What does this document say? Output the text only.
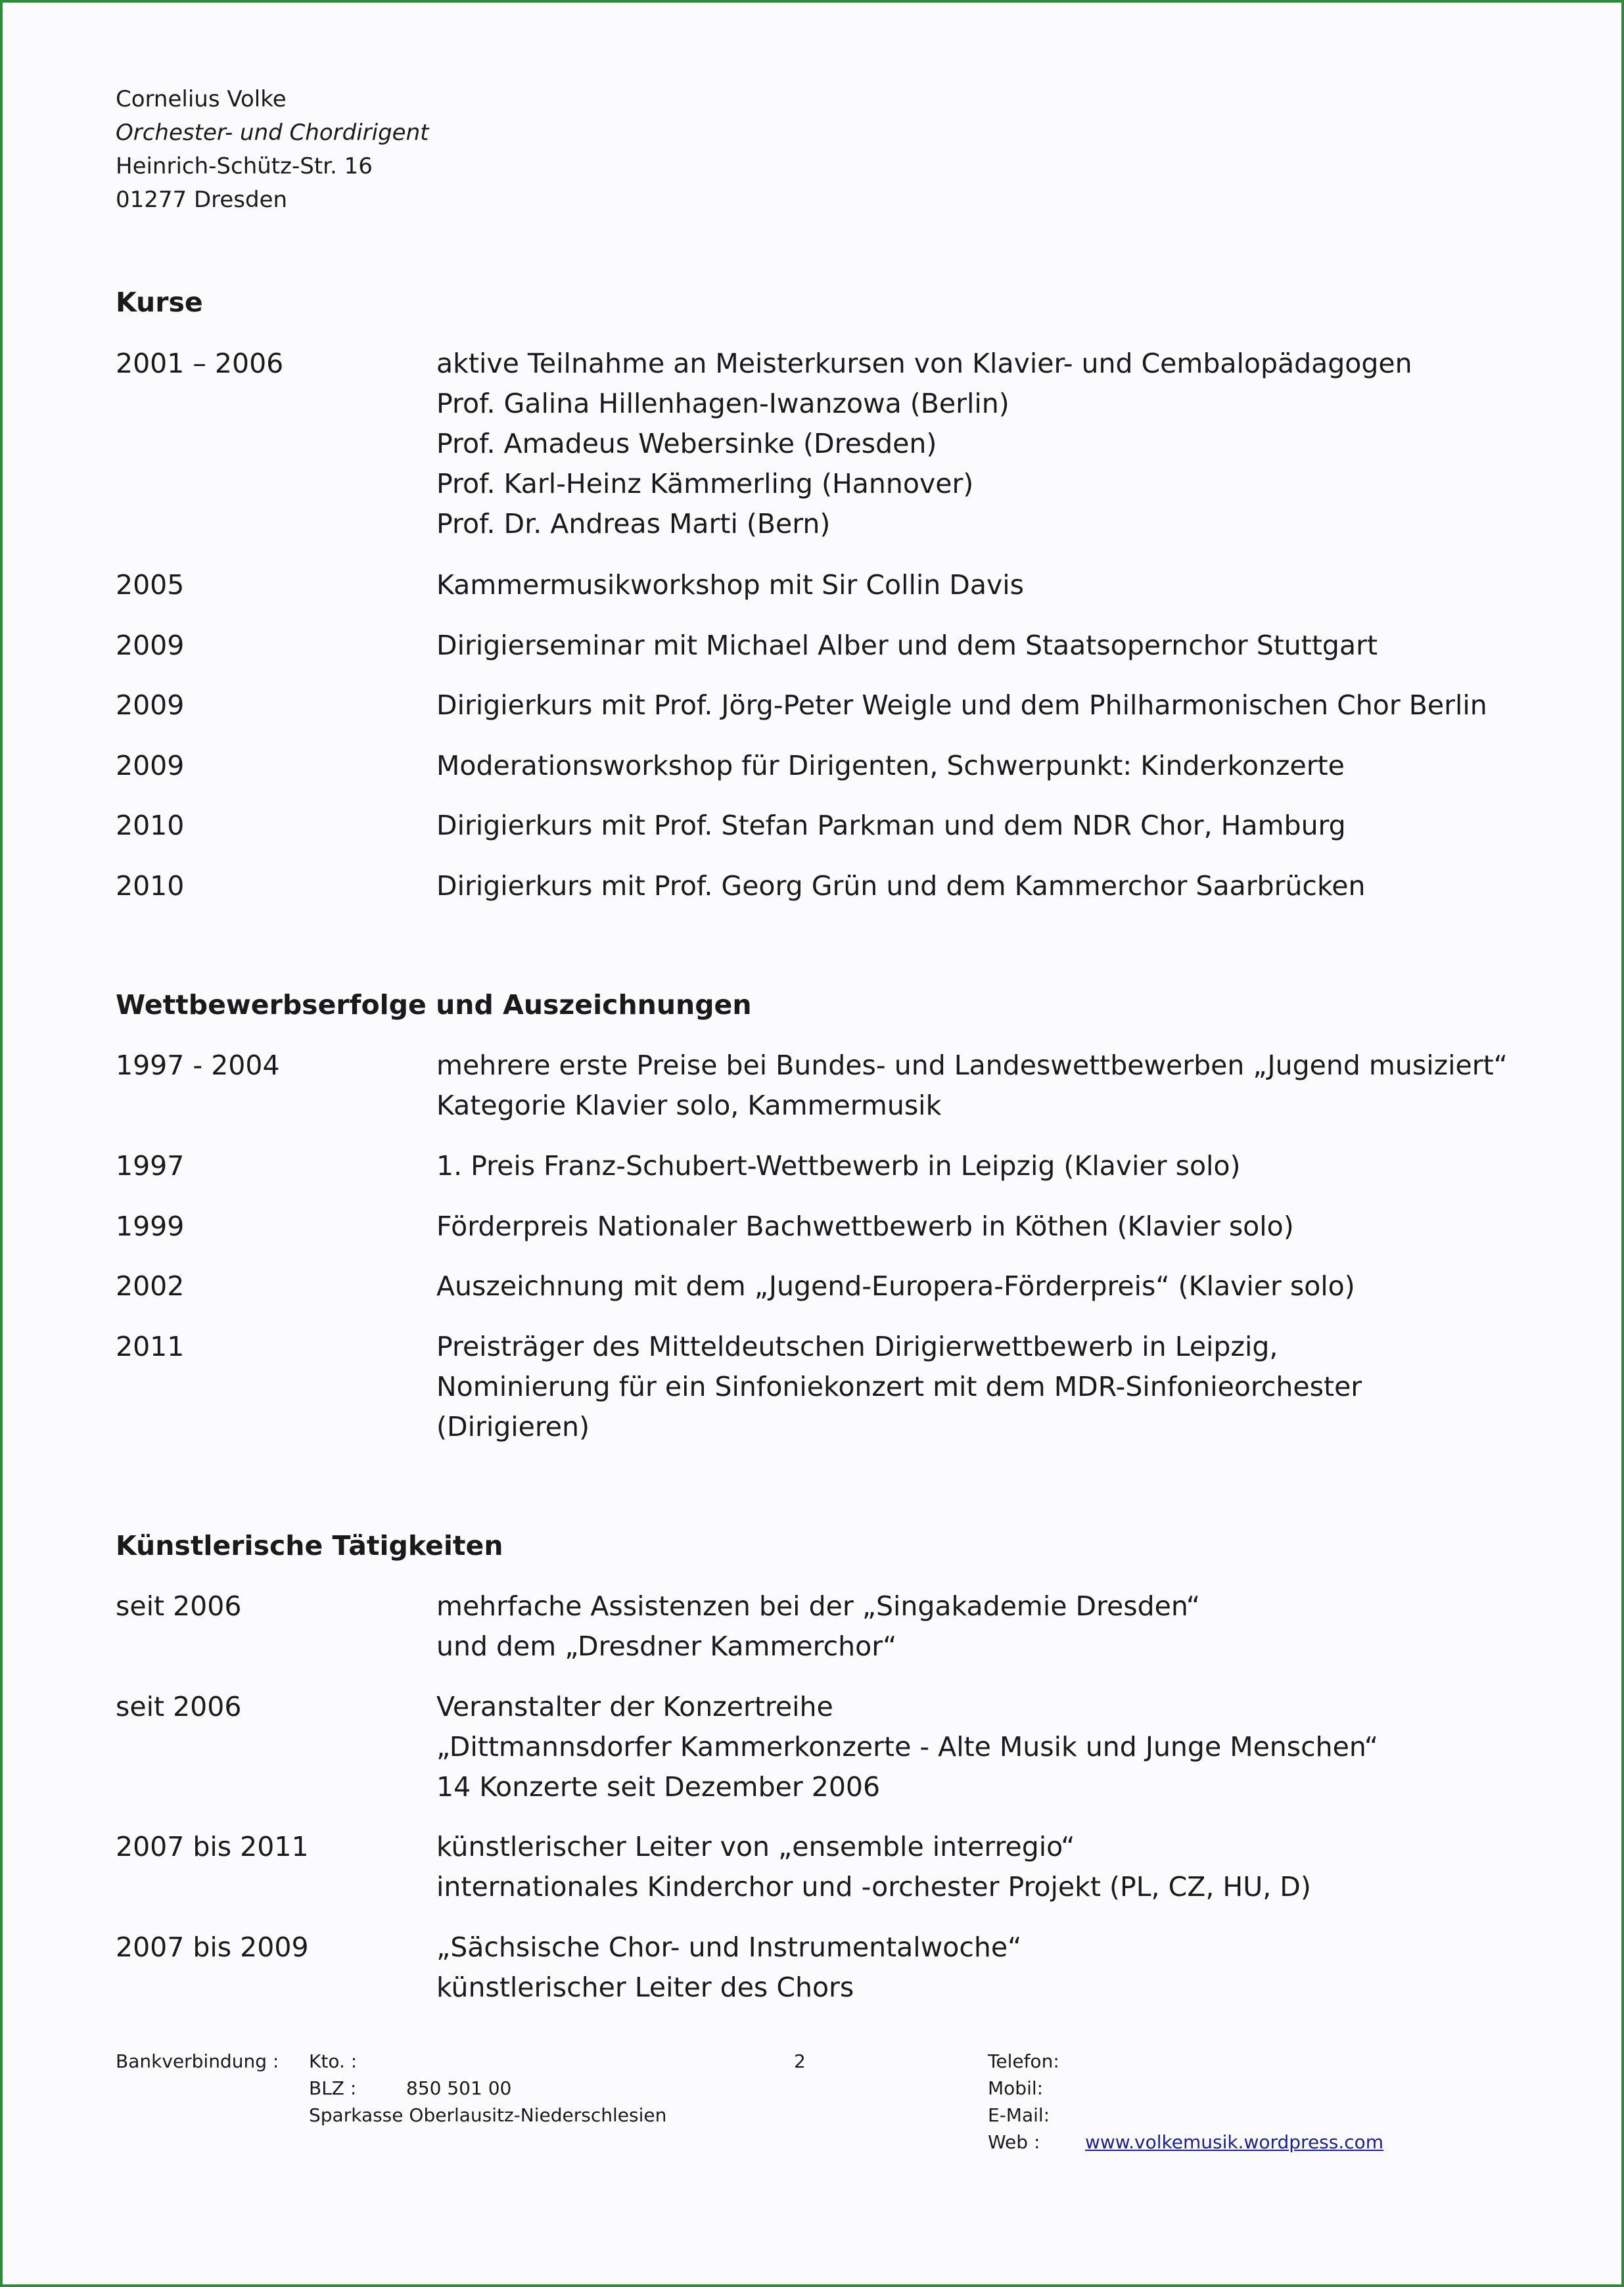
Cornelius Volke
Orchester- und Chordirigent
Heinrich-Schütz-Str. 16
01277 Dresden
Kurse
2001 – 2006	aktive Teilnahme an Meisterkursen von Klavier- und Cembalopädagogen
Prof. Galina Hillenhagen-Iwanzowa (Berlin)
Prof. Amadeus Webersinke (Dresden)
Prof. Karl-Heinz Kämmerling (Hannover)
Prof. Dr. Andreas Marti (Bern)
2005	Kammermusikworkshop mit Sir Collin Davis
2009	Dirigierseminar mit Michael Alber und dem Staatsopernchor Stuttgart
2009	Dirigierkurs mit Prof. Jörg-Peter Weigle und dem Philharmonischen Chor Berlin
2009	Moderationsworkshop für Dirigenten, Schwerpunkt: Kinderkonzerte
2010	Dirigierkurs mit Prof. Stefan Parkman und dem NDR Chor, Hamburg
2010	Dirigierkurs mit Prof. Georg Grün und dem Kammerchor Saarbrücken
Wettbewerbserfolge und Auszeichnungen
1997 - 2004	mehrere erste Preise bei Bundes- und Landeswettbewerben „Jugend musiziert“
Kategorie Klavier solo, Kammermusik
1997	1. Preis Franz-Schubert-Wettbewerb in Leipzig (Klavier solo)
1999	Förderpreis Nationaler Bachwettbewerb in Köthen (Klavier solo)
2002	Auszeichnung mit dem „Jugend-Europera-Förderpreis“ (Klavier solo)
2011	Preisträger des Mitteldeutschen Dirigierwettbewerb in Leipzig,
Nominierung für ein Sinfoniekonzert mit dem MDR-Sinfonieorchester
(Dirigieren)
Künstlerische Tätigkeiten
seit 2006	mehrfache Assistenzen bei der „Singakademie Dresden“
und dem „Dresdner Kammerchor“
seit 2006	Veranstalter der Konzertreihe
„Dittmannsdorfer Kammerkonzerte - Alte Musik und Junge Menschen“
14 Konzerte seit Dezember 2006
2007 bis 2011	künstlerischer Leiter von „ensemble interregio“
internationales Kinderchor und -orchester Projekt (PL, CZ, HU, D)
2007 bis 2009	„Sächsische Chor- und Instrumentalwoche“
künstlerischer Leiter des Chors
Bankverbindung : Kto. :
BLZ :	850 501 00
Sparkasse Oberlausitz-Niederschlesien
2	Telefon:
Mobil:
E-Mail:
Web : www.volkemusik.wordpress.com
